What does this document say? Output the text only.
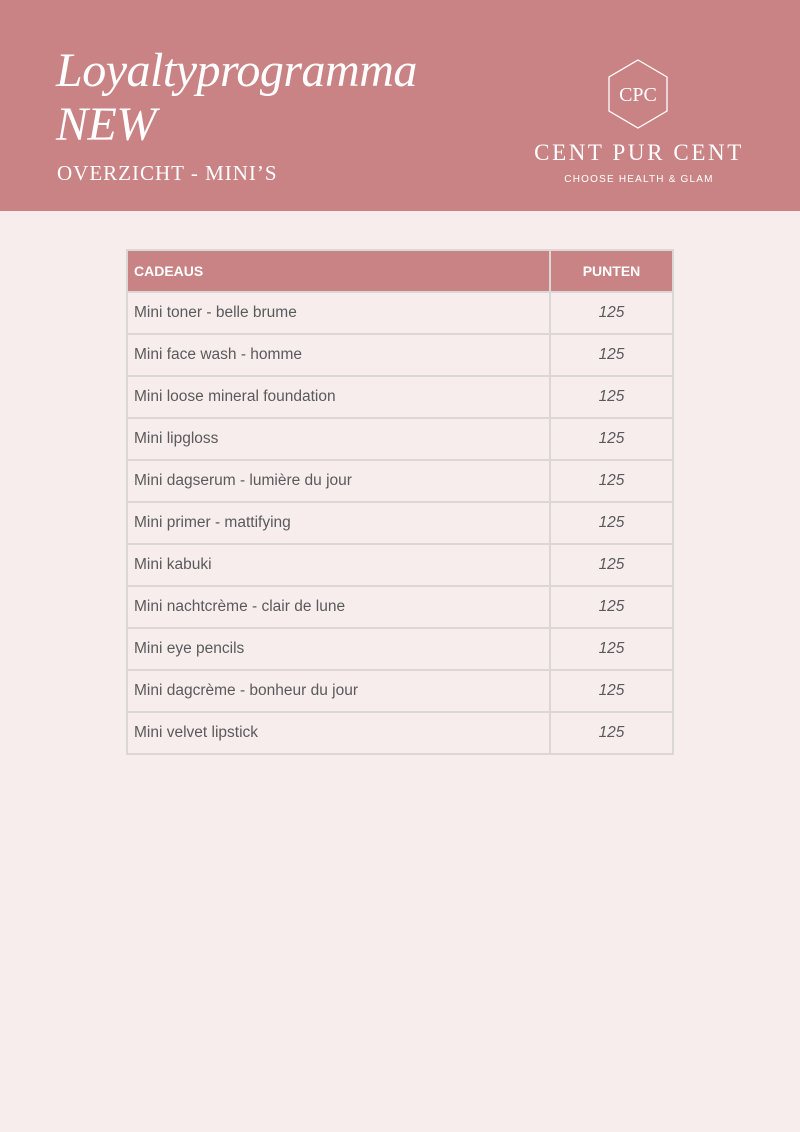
Loyaltyprogramma
NEW
OVERZICHT - MINI’S
CPC
CENT PUR CENT
CHOOSE HEALTH & GLAM
CADEAUS	PUNTEN
Mini toner - belle brume	125
Mini face wash - homme	125
Mini loose mineral foundation	125
Mini lipgloss	125
Mini dagserum - lumière du jour	125
Mini primer - mattifying	125
Mini kabuki	125
Mini nachtcrème - clair de lune	125
Mini eye pencils	125
Mini dagcrème - bonheur du jour	125
Mini velvet lipstick	125
